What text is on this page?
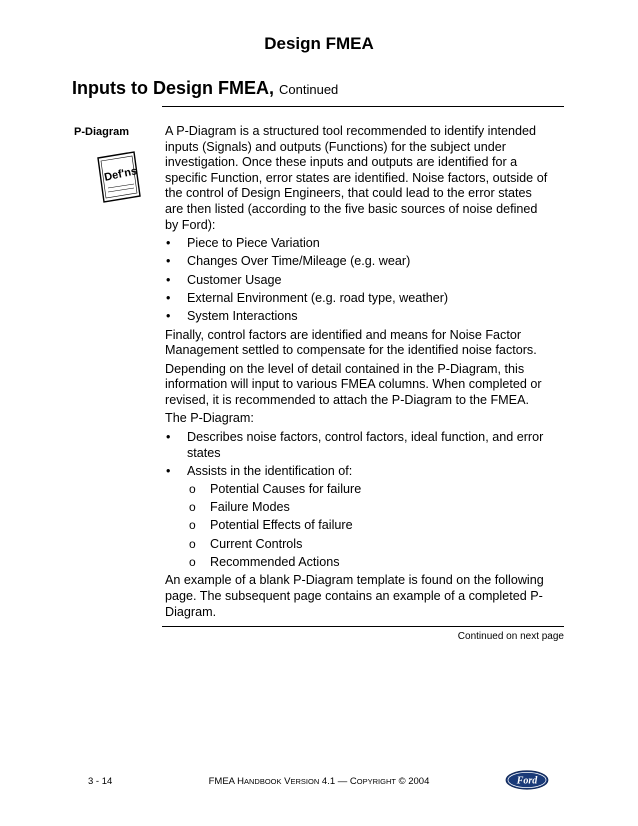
Design FMEA
Inputs to Design FMEA, Continued
P-Diagram
Def'ns

A P-Diagram is a structured tool recommended to identify intended inputs (Signals) and outputs (Functions) for the subject under investigation. Once these inputs and outputs are identified for a specific Function, error states are identified. Noise factors, outside of the control of Design Engineers, that could lead to the error states are then listed (according to the five basic sources of noise defined by Ford):

• Piece to Piece Variation
• Changes Over Time/Mileage (e.g. wear)
• Customer Usage
• External Environment (e.g. road type, weather)
• System Interactions

Finally, control factors are identified and means for Noise Factor Management settled to compensate for the identified noise factors.

Depending on the level of detail contained in the P-Diagram, this information will input to various FMEA columns. When completed or revised, it is recommended to attach the P-Diagram to the FMEA.

The P-Diagram:

• Describes noise factors, control factors, ideal function, and error states
• Assists in the identification of:
o Potential Causes for failure
o Failure Modes
o Potential Effects of failure
o Current Controls
o Recommended Actions

An example of a blank P-Diagram template is found on the following page. The subsequent page contains an example of a completed P-Diagram.

Continued on next page
3 - 14	FMEA HANDBOOK VERSION 4.1 — COPYRIGHT © 2004	Ford
